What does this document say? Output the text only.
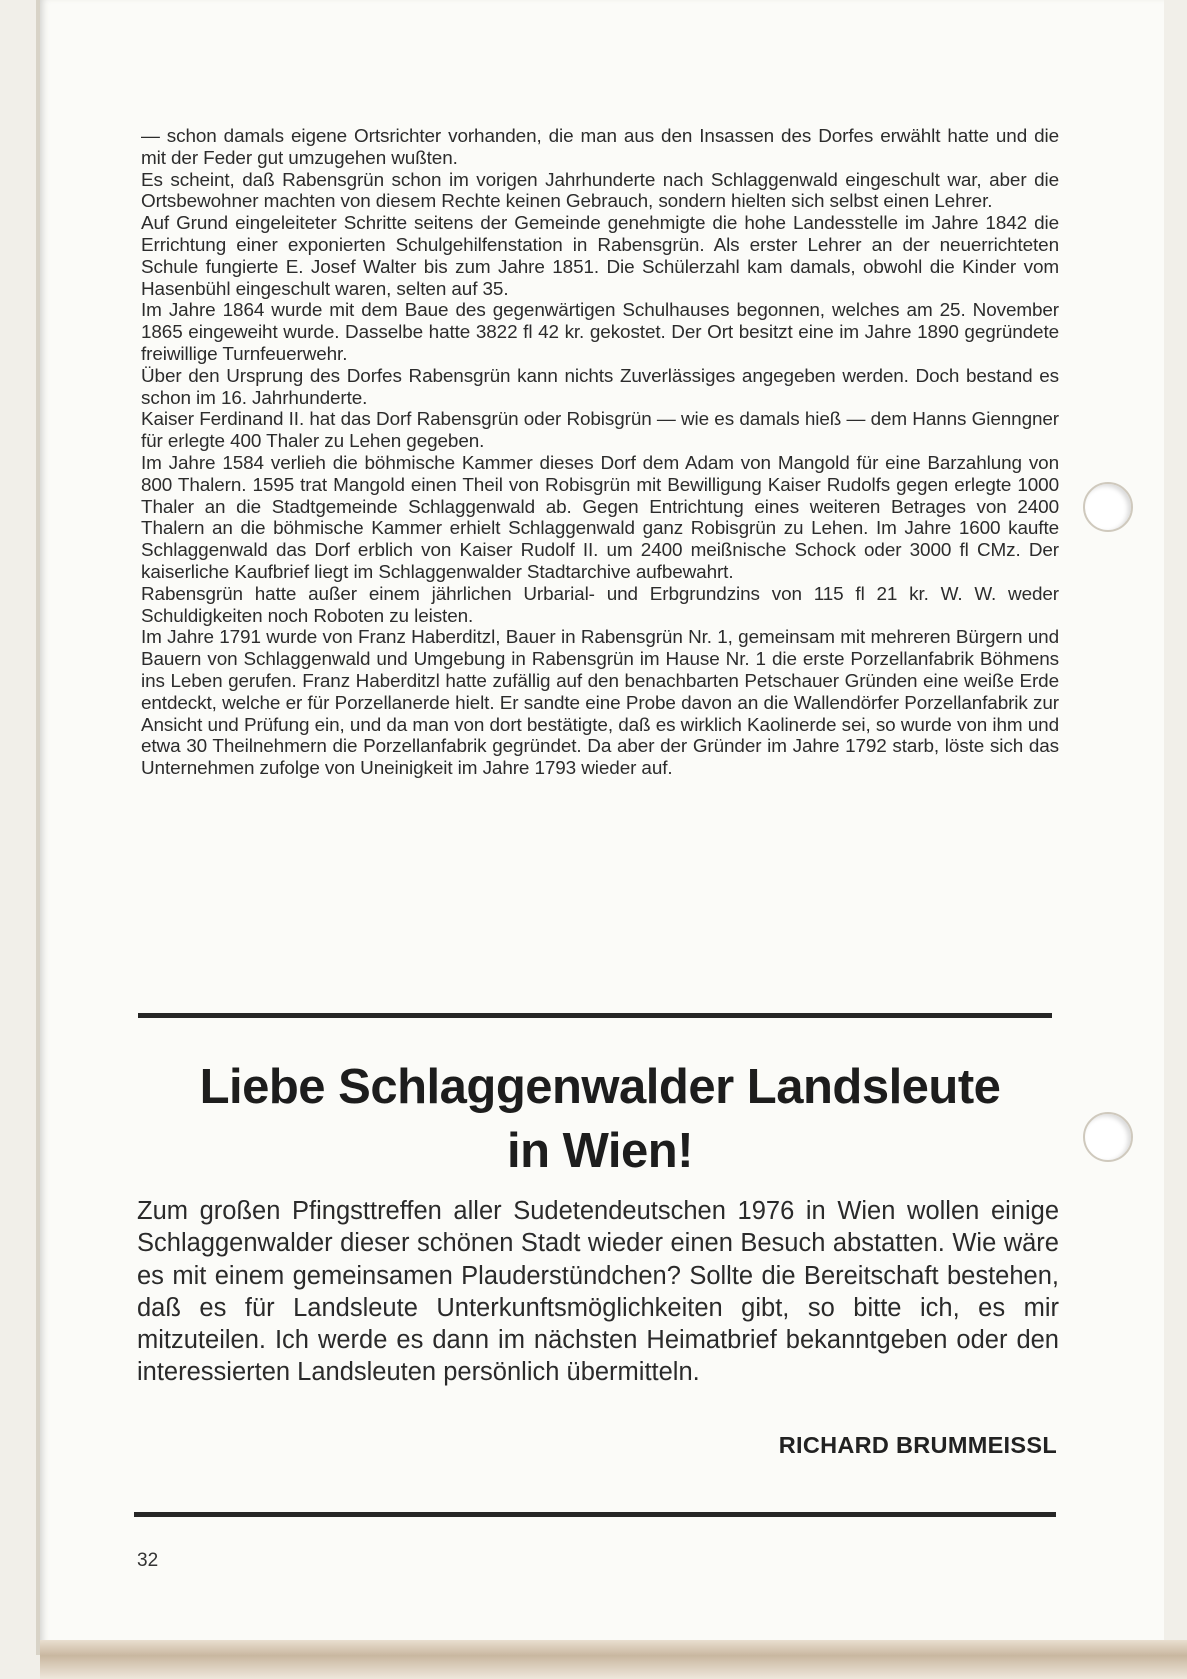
— schon damals eigene Ortsrichter vorhanden, die man aus den Insassen des Dorfes erwählt hatte und die mit der Feder gut umzugehen wußten.

Es scheint, daß Rabensgrün schon im vorigen Jahrhunderte nach Schlaggenwald eingeschult war, aber die Ortsbewohner machten von diesem Rechte keinen Gebrauch, sondern hielten sich selbst einen Lehrer.

Auf Grund eingeleiteter Schritte seitens der Gemeinde genehmigte die hohe Landesstelle im Jahre 1842 die Errichtung einer exponierten Schulgehilfenstation in Rabensgrün. Als erster Lehrer an der neuerrichteten Schule fungierte E. Josef Walter bis zum Jahre 1851. Die Schülerzahl kam damals, obwohl die Kinder vom Hasenbühl eingeschult waren, selten auf 35.

Im Jahre 1864 wurde mit dem Baue des gegenwärtigen Schulhauses begonnen, welches am 25. November 1865 eingeweiht wurde. Dasselbe hatte 3822 fl 42 kr. gekostet. Der Ort besitzt eine im Jahre 1890 gegründete freiwillige Turnfeuerwehr.

Über den Ursprung des Dorfes Rabensgrün kann nichts Zuverlässiges angegeben werden. Doch bestand es schon im 16. Jahrhunderte.

Kaiser Ferdinand II. hat das Dorf Rabensgrün oder Robisgrün — wie es damals hieß — dem Hanns Gienngner für erlegte 400 Thaler zu Lehen gegeben.

Im Jahre 1584 verlieh die böhmische Kammer dieses Dorf dem Adam von Mangold für eine Barzahlung von 800 Thalern. 1595 trat Mangold einen Theil von Robisgrün mit Bewilligung Kaiser Rudolfs gegen erlegte 1000 Thaler an die Stadtgemeinde Schlaggenwald ab. Gegen Entrichtung eines weiteren Betrages von 2400 Thalern an die böhmische Kammer erhielt Schlaggenwald ganz Robisgrün zu Lehen. Im Jahre 1600 kaufte Schlaggenwald das Dorf erblich von Kaiser Rudolf II. um 2400 meißnische Schock oder 3000 fl CMz. Der kaiserliche Kaufbrief liegt im Schlaggenwalder Stadtarchive aufbewahrt.

Rabensgrün hatte außer einem jährlichen Urbarial- und Erbgrundzins von 115 fl 21 kr. W. W. weder Schuldigkeiten noch Roboten zu leisten.

Im Jahre 1791 wurde von Franz Haberditzl, Bauer in Rabensgrün Nr. 1, gemeinsam mit mehreren Bürgern und Bauern von Schlaggenwald und Umgebung in Rabensgrün im Hause Nr. 1 die erste Porzellanfabrik Böhmens ins Leben gerufen. Franz Haberditzl hatte zufällig auf den benachbarten Petschauer Gründen eine weiße Erde entdeckt, welche er für Porzellanerde hielt. Er sandte eine Probe davon an die Wallendörfer Porzellanfabrik zur Ansicht und Prüfung ein, und da man von dort bestätigte, daß es wirklich Kaolinerde sei, so wurde von ihm und etwa 30 Theilnehmern die Porzellanfabrik gegründet. Da aber der Gründer im Jahre 1792 starb, löste sich das Unternehmen zufolge von Uneinigkeit im Jahre 1793 wieder auf.

Liebe Schlaggenwalder Landsleute
in Wien!
Zum großen Pfingsttreffen aller Sudetendeutschen 1976 in Wien wollen einige Schlaggenwalder dieser schönen Stadt wieder einen Besuch abstatten. Wie wäre es mit einem gemeinsamen Plauderstündchen? Sollte die Bereitschaft bestehen, daß es für Landsleute Unterkunftsmöglichkeiten gibt, so bitte ich, es mir mitzuteilen. Ich werde es dann im nächsten Heimatbrief bekanntgeben oder den interessierten Landsleuten persönlich übermitteln.
RICHARD BRUMMEISSL
32
